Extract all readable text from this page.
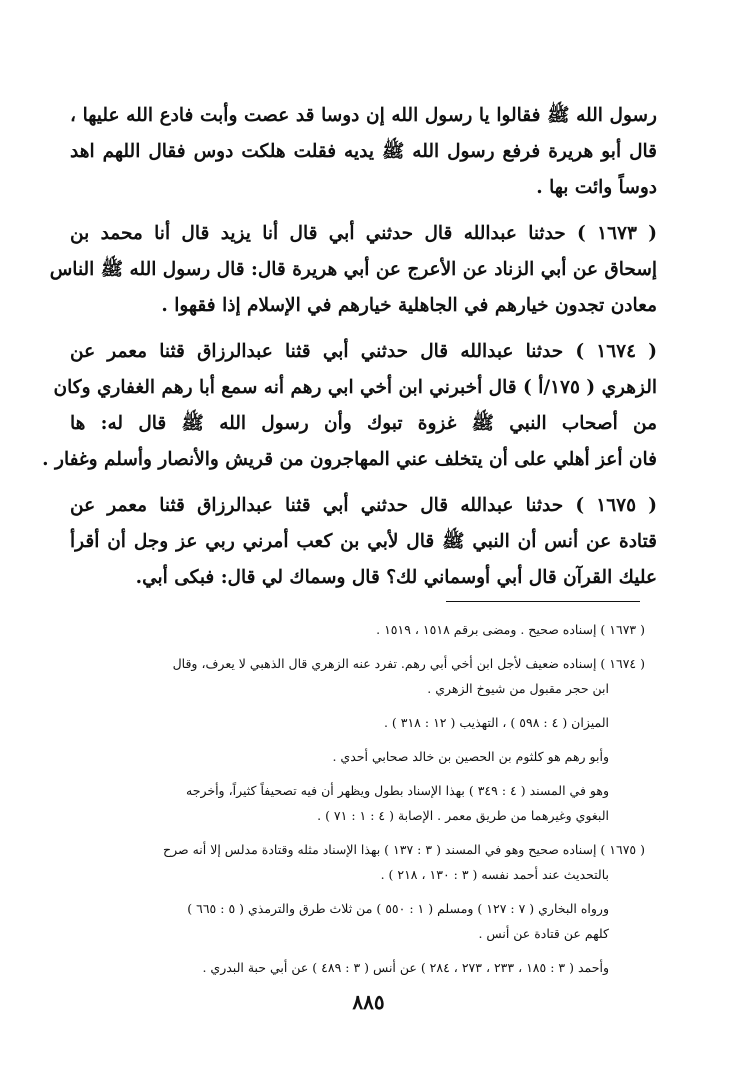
رسول الله ﷺ فقالوا يا رسول الله إن دوسا قد عصت وأبت فادع الله عليها ،
قال أبو هريرة فرفع رسول الله ﷺ يديه فقلت هلكت دوس فقال اللهم اهد
دوساً وائت بها .
( ١٦٧٣ ) حدثنا عبدالله قال حدثني أبي قال أنا يزيد قال أنا محمد بن
إسحاق عن أبي الزناد عن الأعرج عن أبي هريرة قال: قال رسول الله ﷺ الناس
معادن تجدون خيارهم في الجاهلية خيارهم في الإسلام إذا فقهوا .
( ١٦٧٤ ) حدثنا عبدالله قال حدثني أبي قثنا عبدالرزاق قثنا معمر عن
الزهري ( ١٧٥/أ ) قال أخبرني ابن أخي ابي رهم أنه سمع أبا رهم الغفاري وكان
من أصحاب النبي ﷺ غزوة تبوك وأن رسول الله ﷺ قال له: ها
فان أعز أهلي على أن يتخلف عني المهاجرون من قريش والأنصار وأسلم وغفار .
( ١٦٧٥ ) حدثنا عبدالله قال حدثني أبي قثنا عبدالرزاق قثنا معمر عن
قتادة عن أنس أن النبي ﷺ قال لأبي بن كعب أمرني ربي عز وجل أن أقرأ
عليك القرآن قال أبي أوسماني لك؟ قال وسماك لي قال: فبكى أبي.
( ١٦٧٣ ) إسناده صحيح . ومضى برقم ١٥١٨ ، ١٥١٩ .
( ١٦٧٤ ) إسناده ضعيف لأجل ابن أخي أبي رهم. تفرد عنه الزهري قال الذهبي لا يعرف، وقال
ابن حجر مقبول من شيوخ الزهري .
الميزان ( ٤ : ٥٩٨ ) ، التهذيب ( ١٢ : ٣١٨ ) .
وأبو رهم هو كلثوم بن الحصين بن خالد صحابي أحدي .
وهو في المسند ( ٤ : ٣٤٩ ) بهذا الإسناد بطول ويظهر أن فيه تصحيفاً كثيراً، وأخرجه
البغوي وغيرهما من طريق معمر . الإصابة ( ٤ : ١ : ٧١ ) .
( ١٦٧٥ ) إسناده صحيح وهو في المسند ( ٣ : ١٣٧ ) بهذا الإسناد مثله وقتادة مدلس إلا أنه صرح
بالتحديث عند أحمد نفسه ( ٣ : ١٣٠ ، ٢١٨ ) .
ورواه البخاري ( ٧ : ١٢٧ ) ومسلم ( ١ : ٥٥٠ ) من ثلاث طرق والترمذي ( ٥ : ٦٦٥ )
كلهم عن قتادة عن أنس .
وأحمد ( ٣ : ١٨٥ ، ٢٣٣ ، ٢٧٣ ، ٢٨٤ ) عن أنس ( ٣ : ٤٨٩ ) عن أبي حبة البدري .
٨٨٥
